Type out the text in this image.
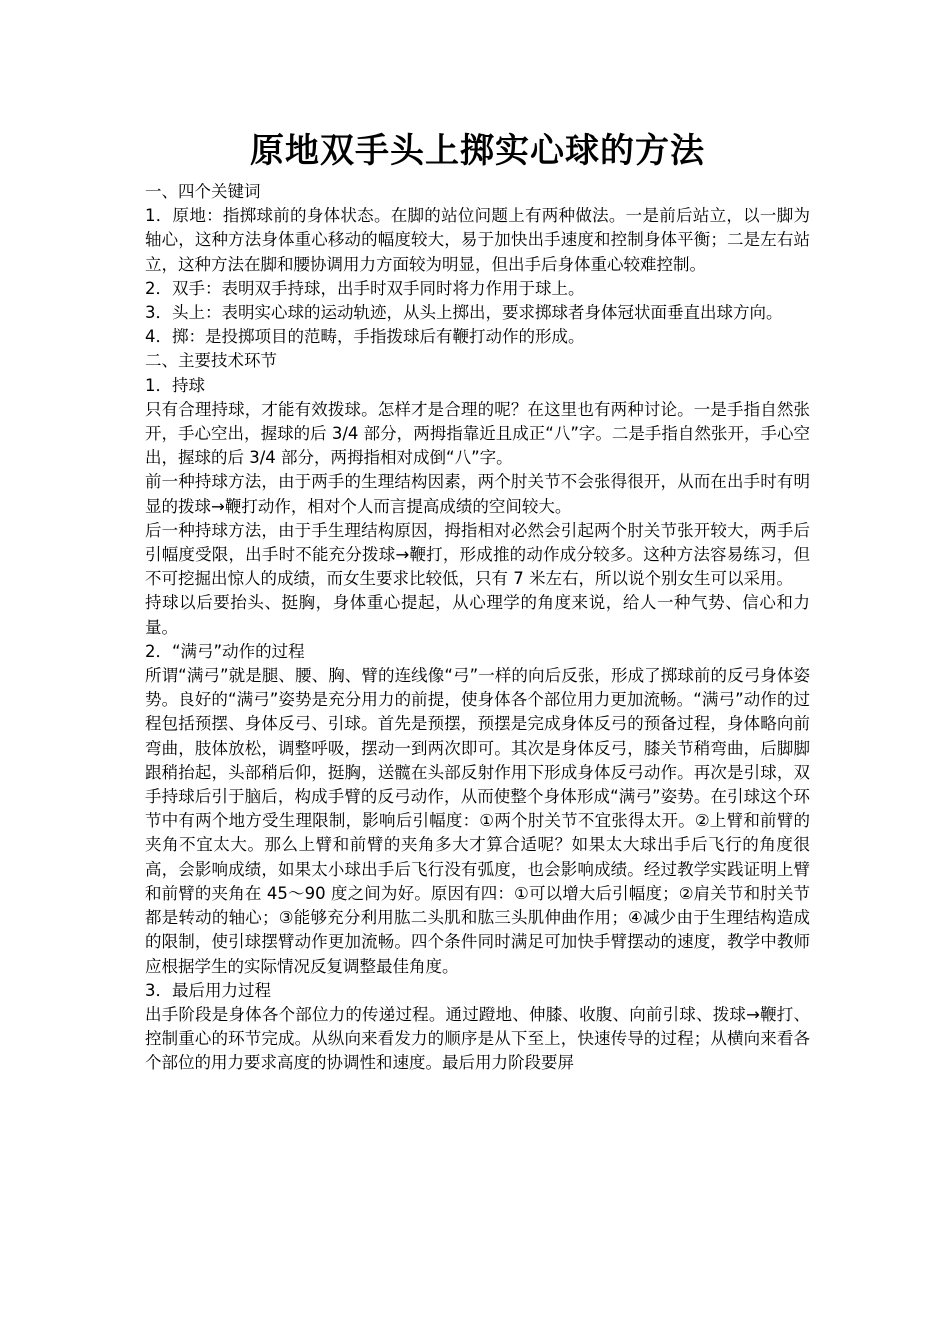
原地双手头上掷实心球的方法

一、四个关键词

1．原地：指掷球前的身体状态。在脚的站位问题上有两种做法。一是前后站立，以一脚为轴心，这种方法身体重心移动的幅度较大，易于加快出手速度和控制身体平衡；二是左右站立，这种方法在脚和腰协调用力方面较为明显，但出手后身体重心较难控制。

2．双手：表明双手持球，出手时双手同时将力作用于球上。

3．头上：表明实心球的运动轨迹，从头上掷出，要求掷球者身体冠状面垂直出球方向。

4．掷：是投掷项目的范畴，手指拨球后有鞭打动作的形成。

二、主要技术环节

1．持球

只有合理持球，才能有效拨球。怎样才是合理的呢？在这里也有两种讨论。一是手指自然张开，手心空出，握球的后 3/4 部分，两拇指靠近且成正“八”字。二是手指自然张开，手心空出，握球的后 3/4 部分，两拇指相对成倒“八”字。

前一种持球方法，由于两手的生理结构因素，两个肘关节不会张得很开，从而在出手时有明显的拨球→鞭打动作，相对个人而言提高成绩的空间较大。

后一种持球方法，由于手生理结构原因，拇指相对必然会引起两个肘关节张开较大，两手后引幅度受限，出手时不能充分拨球→鞭打，形成推的动作成分较多。这种方法容易练习，但不可挖掘出惊人的成绩，而女生要求比较低，只有 7 米左右，所以说个别女生可以采用。

持球以后要抬头、挺胸，身体重心提起，从心理学的角度来说，给人一种气势、信心和力量。

2．“满弓”动作的过程

所谓“满弓”就是腿、腰、胸、臂的连线像“弓”一样的向后反张，形成了掷球前的反弓身体姿势。良好的“满弓”姿势是充分用力的前提，使身体各个部位用力更加流畅。“满弓”动作的过程包括预摆、身体反弓、引球。首先是预摆，预摆是完成身体反弓的预备过程，身体略向前弯曲，肢体放松，调整呼吸，摆动一到两次即可。其次是身体反弓，膝关节稍弯曲，后脚脚跟稍抬起，头部稍后仰，挺胸，送髋在头部反射作用下形成身体反弓动作。再次是引球，双手持球后引于脑后，构成手臂的反弓动作，从而使整个身体形成“满弓”姿势。在引球这个环节中有两个地方受生理限制，影响后引幅度：①两个肘关节不宜张得太开。②上臂和前臂的夹角不宜太大。那么上臂和前臂的夹角多大才算合适呢？如果太大球出手后飞行的角度很高，会影响成绩，如果太小球出手后飞行没有弧度，也会影响成绩。经过教学实践证明上臂和前臂的夹角在 45～90 度之间为好。原因有四：①可以增大后引幅度；②肩关节和肘关节都是转动的轴心；③能够充分利用肱二头肌和肱三头肌伸曲作用；④减少由于生理结构造成的限制，使引球摆臂动作更加流畅。四个条件同时满足可加快手臂摆动的速度，教学中教师应根据学生的实际情况反复调整最佳角度。

3．最后用力过程

出手阶段是身体各个部位力的传递过程。通过蹬地、伸膝、收腹、向前引球、拨球→鞭打、控制重心的环节完成。从纵向来看发力的顺序是从下至上，快速传导的过程；从横向来看各个部位的用力要求高度的协调性和速度。最后用力阶段要屏
